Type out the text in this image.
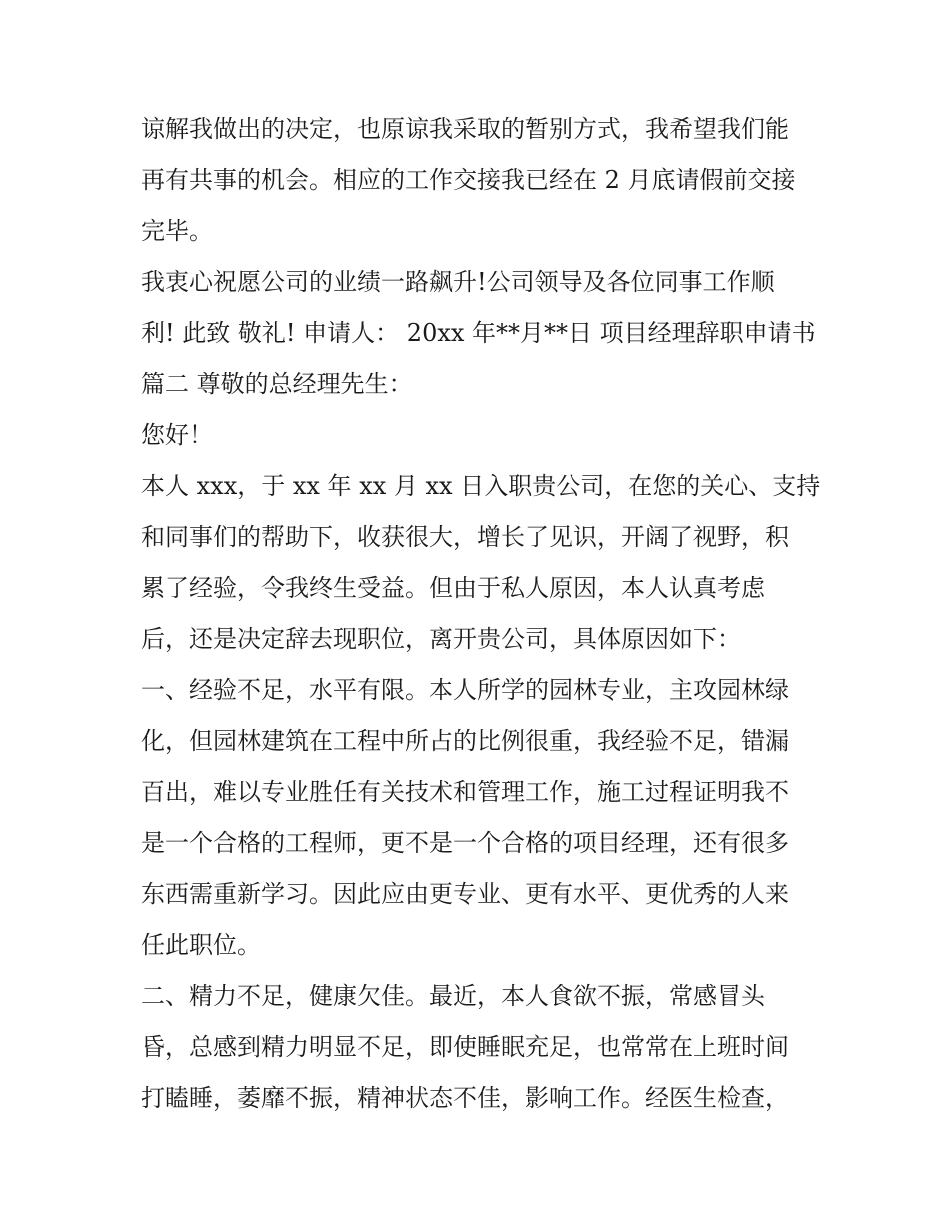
谅解我做出的决定，也原谅我采取的暂别方式，我希望我们能
再有共事的机会。相应的工作交接我已经在 2 月底请假前交接
完毕。
我衷心祝愿公司的业绩一路飙升!公司领导及各位同事工作顺
利! 此致 敬礼! 申请人： 20xx 年**月**日 项目经理辞职申请书
篇二 尊敬的总经理先生：
您好！
本人 xxx，于 xx 年 xx 月 xx 日入职贵公司，在您的关心、支持
和同事们的帮助下，收获很大，增长了见识，开阔了视野，积
累了经验，令我终生受益。但由于私人原因，本人认真考虑
后，还是决定辞去现职位，离开贵公司，具体原因如下：
一、经验不足，水平有限。本人所学的园林专业，主攻园林绿
化，但园林建筑在工程中所占的比例很重，我经验不足，错漏
百出，难以专业胜任有关技术和管理工作，施工过程证明我不
是一个合格的工程师，更不是一个合格的项目经理，还有很多
东西需重新学习。因此应由更专业、更有水平、更优秀的人来
任此职位。
二、精力不足，健康欠佳。最近，本人食欲不振，常感冒头
昏，总感到精力明显不足，即使睡眠充足，也常常在上班时间
打瞌睡，萎靡不振，精神状态不佳，影响工作。经医生检查，
